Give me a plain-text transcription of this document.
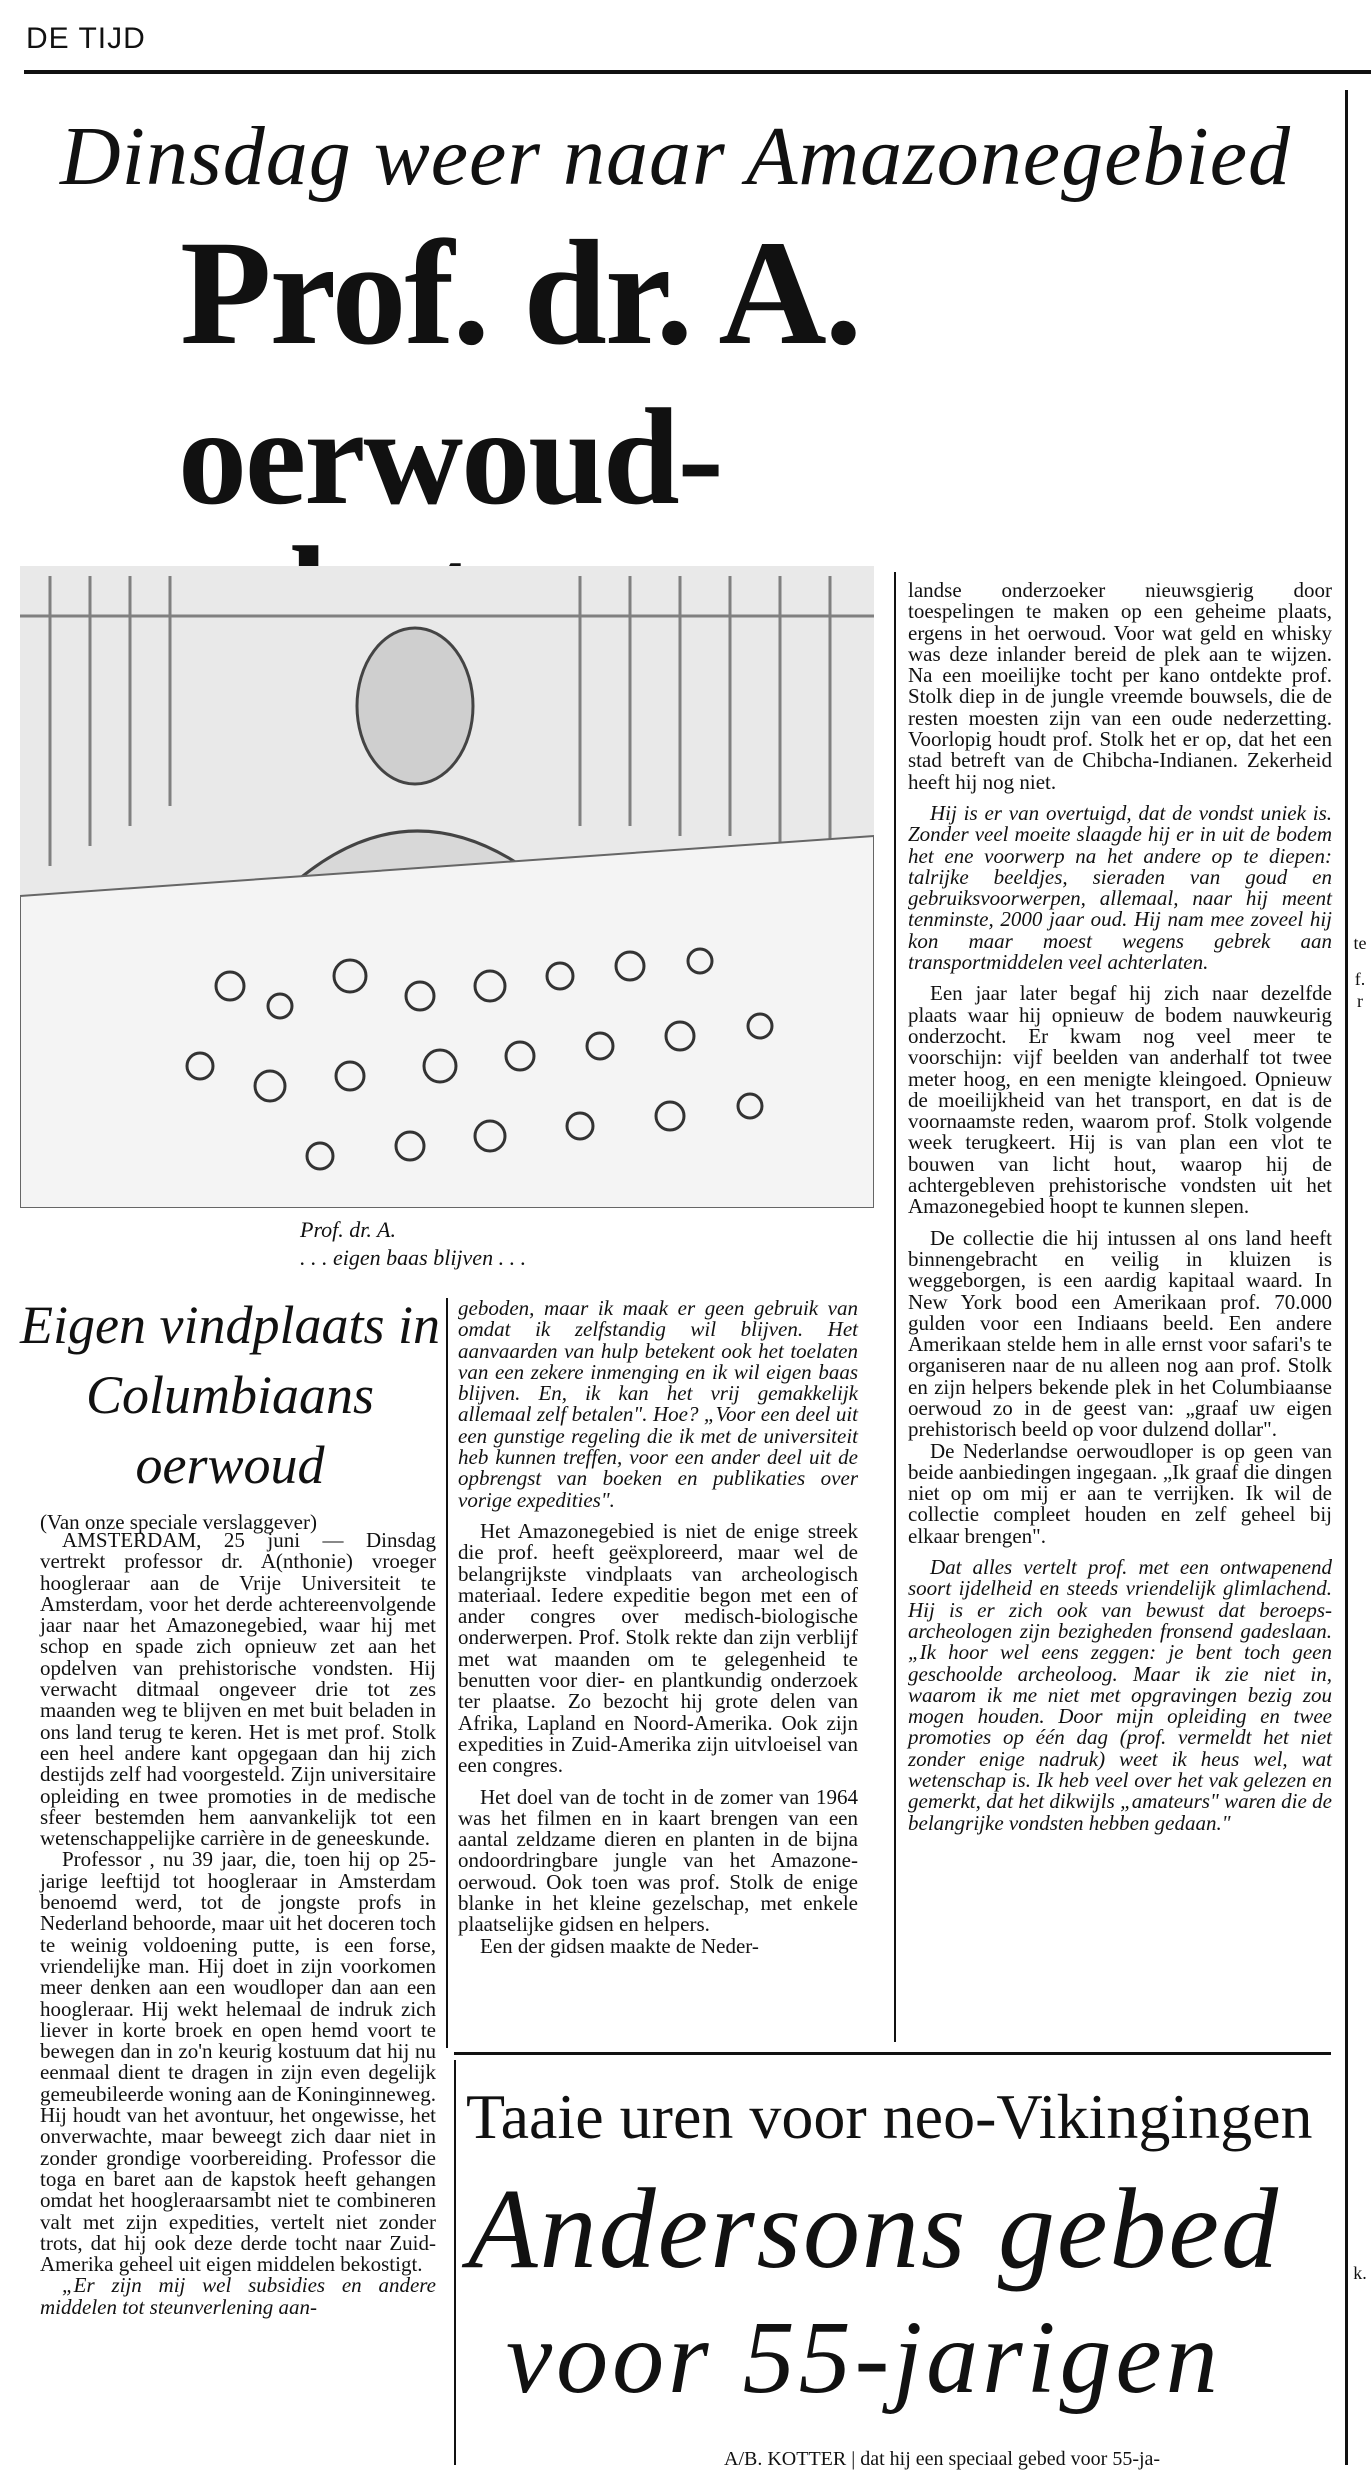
DE TIJD
Dinsdag weer naar Amazonegebied
Prof. dr. A.
oerwoud-
Prof. dr. A.
. . . eigen baas blijven . . .
Eigen vindplaats in Columbiaans oerwoud
(Van onze speciale verslaggever)

AMSTERDAM, 25 juni — Dinsdag vertrekt professor dr. A(nthonie) vroeger hoogleraar aan de Vrije Universiteit te Amsterdam, voor het derde achtereenvolgende jaar naar het Amazonegebied, waar hij met schop en spade zich opnieuw zet aan het opdelven van prehistorische vondsten. Hij verwacht ditmaal ongeveer drie tot zes maanden weg te blijven en met buit beladen in ons land terug te keren. Het is met prof. Stolk een heel andere kant opgegaan dan hij zich destijds zelf had voorgesteld. Zijn universitaire opleiding en twee promoties in de medische sfeer bestemden hem aanvankelijk tot een wetenschappelijke carrière in de geneeskunde.

Professor , nu 39 jaar, die, toen hij op 25-jarige leeftijd tot hoogleraar in Amsterdam benoemd werd, tot de jongste profs in Nederland behoorde, maar uit het doceren toch te weinig voldoening putte, is een forse, vriendelijke man. Hij doet in zijn voorkomen meer denken aan een woudloper dan aan een hoogleraar. Hij wekt helemaal de indruk zich liever in korte broek en open hemd voort te bewegen dan in zo'n keurig kostuum dat hij nu eenmaal dient te dragen in zijn even degelijk gemeubileerde woning aan de Koninginneweg. Hij houdt van het avontuur, het ongewisse, het onverwachte, maar beweegt zich daar niet in zonder grondige voorbereiding. Professor die toga en baret aan de kapstok heeft gehangen omdat het hoogleraarsambt niet te combineren valt met zijn expedities, vertelt niet zonder trots, dat hij ook deze derde tocht naar Zuid-Amerika geheel uit eigen middelen bekostigt.

„Er zijn mij wel subsidies en andere middelen tot steunverlening aan-

geboden, maar ik maak er geen gebruik van omdat ik zelfstandig wil blijven. Het aanvaarden van hulp betekent ook het toelaten van een zekere inmenging en ik wil eigen baas blijven. En, ik kan het vrij gemakkelijk allemaal zelf betalen". Hoe? „Voor een deel uit een gunstige regeling die ik met de universiteit heb kunnen treffen, voor een ander deel uit de opbrengst van boeken en publikaties over vorige expedities".

Het Amazonegebied is niet de enige streek die prof. heeft geëxploreerd, maar wel de belangrijkste vindplaats van archeologisch materiaal. Iedere expeditie begon met een of ander congres over medisch-biologische onderwerpen. Prof. Stolk rekte dan zijn verblijf met wat maanden om te gelegenheid te benutten voor dier- en plantkundig onderzoek ter plaatse. Zo bezocht hij grote delen van Afrika, Lapland en Noord-Amerika. Ook zijn expedities in Zuid-Amerika zijn uitvloeisel van een congres.

Het doel van de tocht in de zomer van 1964 was het filmen en in kaart brengen van een aantal zeldzame dieren en planten in de bijna ondoordringbare jungle van het Amazone-oerwoud. Ook toen was prof. Stolk de enige blanke in het kleine gezelschap, met enkele plaatselijke gidsen en helpers.

Een der gidsen maakte de Neder-

landse onderzoeker nieuwsgierig door toespelingen te maken op een geheime plaats, ergens in het oerwoud. Voor wat geld en whisky was deze inlander bereid de plek aan te wijzen. Na een moeilijke tocht per kano ontdekte prof. Stolk diep in de jungle vreemde bouwsels, die de resten moesten zijn van een oude nederzetting. Voorlopig houdt prof. Stolk het er op, dat het een stad betreft van de Chibcha-Indianen. Zekerheid heeft hij nog niet.

Hij is er van overtuigd, dat de vondst uniek is. Zonder veel moeite slaagde hij er in uit de bodem het ene voorwerp na het andere op te diepen: talrijke beeldjes, sieraden van goud en gebruiksvoorwerpen, allemaal, naar hij meent tenminste, 2000 jaar oud. Hij nam mee zoveel hij kon maar moest wegens gebrek aan transportmiddelen veel achterlaten.

Een jaar later begaf hij zich naar dezelfde plaats waar hij opnieuw de bodem nauwkeurig onderzocht. Er kwam nog veel meer te voorschijn: vijf beelden van anderhalf tot twee meter hoog, en een menigte kleingoed. Opnieuw de moeilijkheid van het transport, en dat is de voornaamste reden, waarom prof. Stolk volgende week terugkeert. Hij is van plan een vlot te bouwen van licht hout, waarop hij de achtergebleven prehistorische vondsten uit het Amazonegebied hoopt te kunnen slepen.

De collectie die hij intussen al ons land heeft binnengebracht en veilig in kluizen is weggeborgen, is een aardig kapitaal waard. In New York bood een Amerikaan prof. 70.000 gulden voor een Indiaans beeld. Een andere Amerikaan stelde hem in alle ernst voor safari's te organiseren naar de nu alleen nog aan prof. Stolk en zijn helpers bekende plek in het Columbiaanse oerwoud zo in de geest van: „graaf uw eigen prehistorisch beeld op voor dulzend dollar".

De Nederlandse oerwoudloper is op geen van beide aanbiedingen ingegaan. „Ik graaf die dingen niet op om mij er aan te verrijken. Ik wil de collectie compleet houden en zelf geheel bij elkaar brengen".

Dat alles vertelt prof. met een ontwapenend soort ijdelheid en steeds vriendelijk glimlachend. Hij is er zich ook van bewust dat beroeps-archeologen zijn bezigheden fronsend gadeslaan. „Ik hoor wel eens zeggen: je bent toch geen geschoolde archeoloog. Maar ik zie niet in, waarom ik me niet met opgravingen bezig zou mogen houden. Door mijn opleiding en twee promoties op één dag (prof. vermeldt het niet zonder enige nadruk) weet ik heus wel, wat wetenschap is. Ik heb veel over het vak gelezen en gemerkt, dat het dikwijls „amateurs" waren die de belangrijke vondsten hebben gedaan."

Taaie uren voor neo-Vikingingen
Andersons gebed
voor 55-jarigen
A/B. KOTTER | dat hij een speciaal gebed voor 55-ja-
te
f.
r
k.
